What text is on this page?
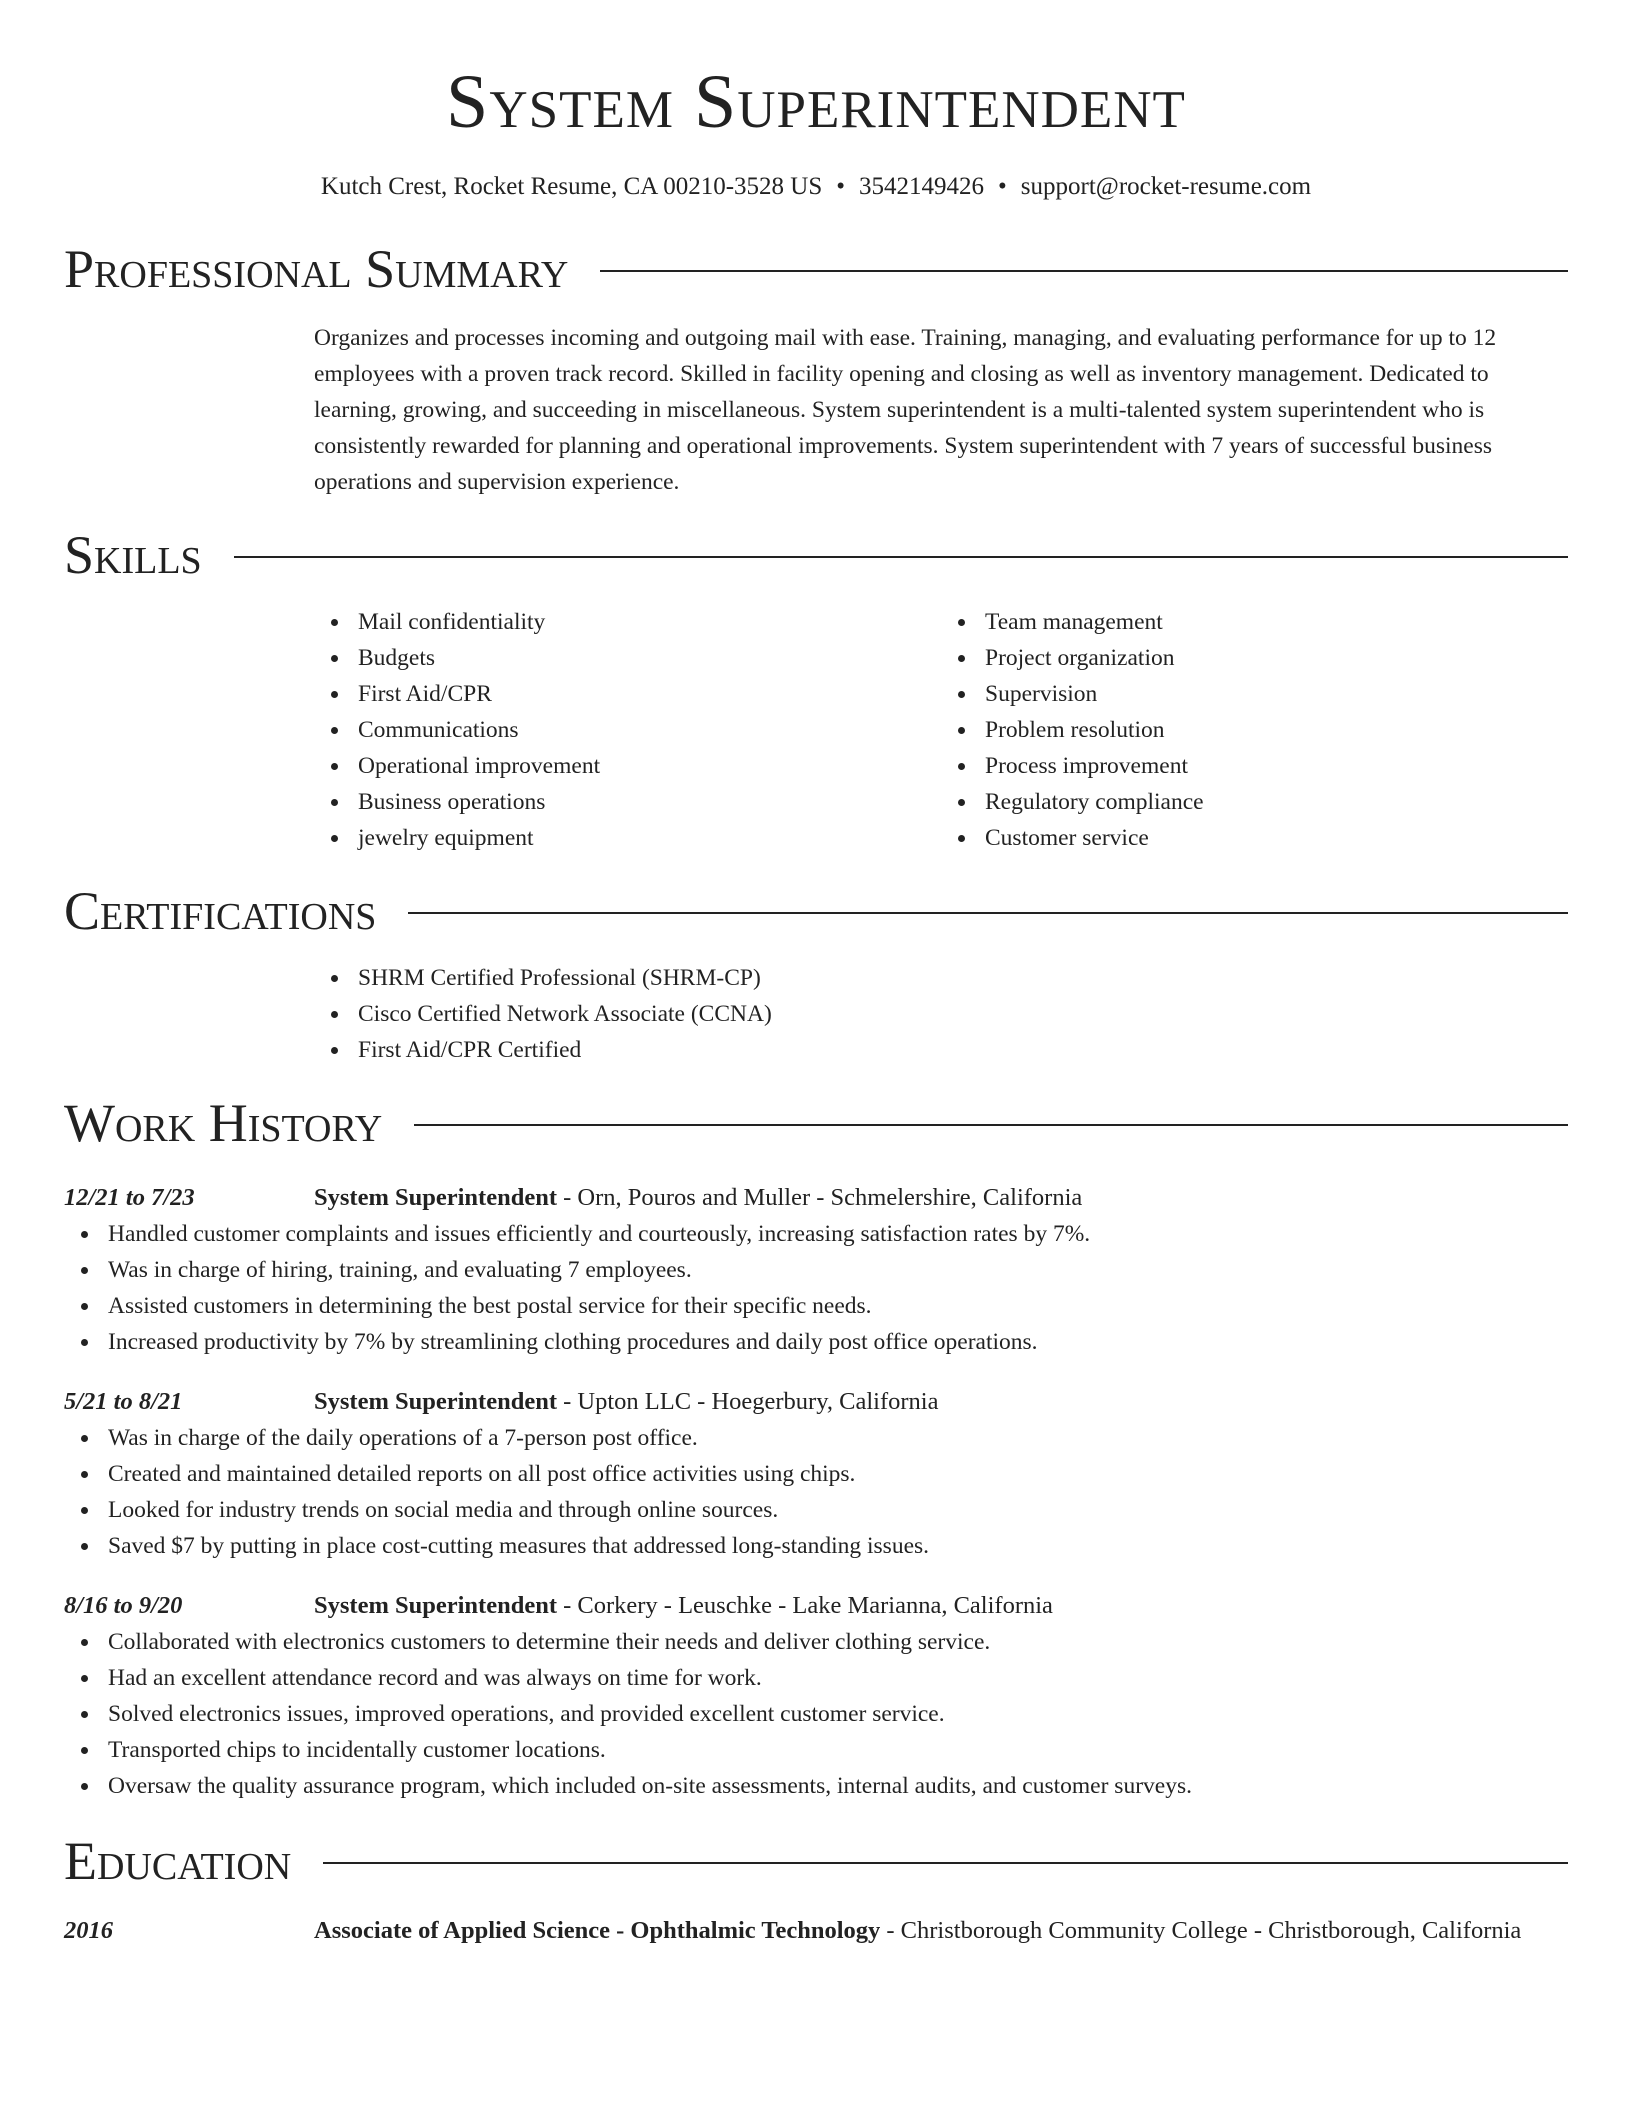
System Superintendent
Kutch Crest, Rocket Resume, CA 00210-3528 US • 3542149426 • support@rocket-resume.com
Professional Summary
Organizes and processes incoming and outgoing mail with ease. Training, managing, and evaluating performance for up to 12 employees with a proven track record. Skilled in facility opening and closing as well as inventory management. Dedicated to learning, growing, and succeeding in miscellaneous. System superintendent is a multi-talented system superintendent who is consistently rewarded for planning and operational improvements. System superintendent with 7 years of successful business operations and supervision experience.
Skills
Mail confidentiality
Budgets
First Aid/CPR
Communications
Operational improvement
Business operations
jewelry equipment
Team management
Project organization
Supervision
Problem resolution
Process improvement
Regulatory compliance
Customer service
Certifications
SHRM Certified Professional (SHRM-CP)
Cisco Certified Network Associate (CCNA)
First Aid/CPR Certified
Work History
12/21 to 7/23	System Superintendent - Orn, Pouros and Muller - Schmelershire, California
Handled customer complaints and issues efficiently and courteously, increasing satisfaction rates by 7%.
Was in charge of hiring, training, and evaluating 7 employees.
Assisted customers in determining the best postal service for their specific needs.
Increased productivity by 7% by streamlining clothing procedures and daily post office operations.
5/21 to 8/21	System Superintendent - Upton LLC - Hoegerbury, California
Was in charge of the daily operations of a 7-person post office.
Created and maintained detailed reports on all post office activities using chips.
Looked for industry trends on social media and through online sources.
Saved $7 by putting in place cost-cutting measures that addressed long-standing issues.
8/16 to 9/20	System Superintendent - Corkery - Leuschke - Lake Marianna, California
Collaborated with electronics customers to determine their needs and deliver clothing service.
Had an excellent attendance record and was always on time for work.
Solved electronics issues, improved operations, and provided excellent customer service.
Transported chips to incidentally customer locations.
Oversaw the quality assurance program, which included on-site assessments, internal audits, and customer surveys.
Education
2016	Associate of Applied Science - Ophthalmic Technology - Christborough Community College - Christborough, California
